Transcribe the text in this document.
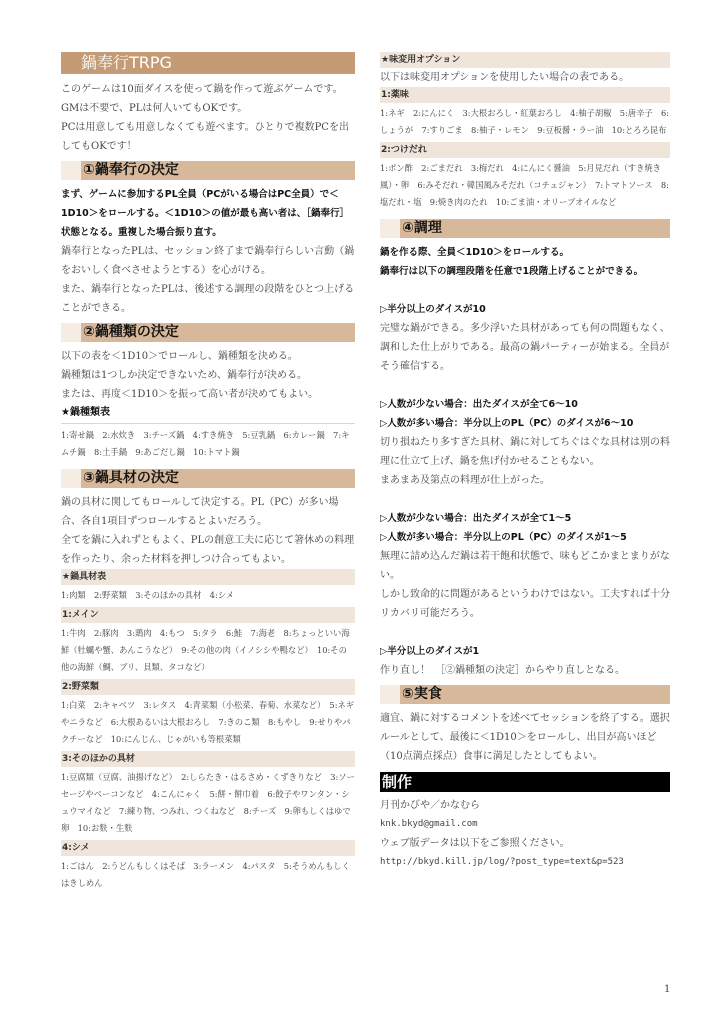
鍋奉行TRPG

このゲームは10面ダイスを使って鍋を作って遊ぶゲームです。GMは不要で、PLは何人いてもOKです。

PCは用意しても用意しなくても遊べます。ひとりで複数PCを出してもOKです！

①鍋奉行の決定

まず、ゲームに参加するPL全員（PCがいる場合はPC全員）で＜1D10＞をロールする。＜1D10＞の値が最も高い者は、［鍋奉行］状態となる。重複した場合振り直す。

鍋奉行となったPLは、セッション終了まで鍋奉行らしい言動（鍋をおいしく食べさせようとする）を心がける。

また、鍋奉行となったPLは、後述する調理の段階をひとつ上げることができる。

②鍋種類の決定

以下の表を＜1D10＞でロールし、鍋種類を決める。

鍋種類は1つしか決定できないため、鍋奉行が決める。

または、再度＜1D10＞を振って高い者が決めてもよい。

★鍋種類表

1:寄せ鍋　2:水炊き　3:チーズ鍋　4:すき焼き　5:豆乳鍋　6:カレー鍋　7:キムチ鍋　8:土手鍋　9:あごだし鍋　10:トマト鍋

③鍋具材の決定

鍋の具材に関してもロールして決定する。PL（PC）が多い場合、各自1項目ずつロールするとよいだろう。

全てを鍋に入れずともよく、PLの創意工夫に応じて箸休めの料理を作ったり、余った材料を押しつけ合ってもよい。

★鍋具材表

1:肉類　2:野菜類　3:そのほかの具材　4:シメ

1:メイン

1:牛肉　2:豚肉　3:鶏肉　4:もつ　5:タラ　6:鮭　7:海老　8:ちょっといい海鮮（牡蠣や蟹、あんこうなど）　9:その他の肉（イノシシや鴨など）　10:その他の海鮮（鯛、ブリ、貝類、タコなど）

2:野菜類

1:白菜　2:キャベツ　3:レタス　4:青菜類（小松菜、春菊、水菜など）　5:ネギやニラなど　6:大根あるいは大根おろし　7:きのこ類　8:もやし　9:せりやパクチーなど　10:にんじん、じゃがいも等根菜類

3:そのほかの具材

1:豆腐類（豆腐、油揚げなど）　2:しらたき・はるさめ・くずきりなど　3:ソーセージやベーコンなど　4:こんにゃく　5:餅・餅巾着　6:餃子やワンタン・シュウマイなど　7:練り物、つみれ、つくねなど　8:チーズ　9:卵もしくはゆで卵　10:お麩・生麩

4:シメ

1:ごはん　2:うどんもしくはそば　3:ラーメン　4:パスタ　5:そうめんもしくはきしめん

★味変用オプション

以下は味変用オプションを使用したい場合の表である。

1:薬味

1:ネギ　2:にんにく　3:大根おろし・紅葉おろし　4:柚子胡椒　5:唐辛子　6:しょうが　7:すりごま　8:柚子・レモン　9:豆板醤・ラー油　10:とろろ昆布

2:つけだれ

1:ポン酢　2:ごまだれ　3:梅だれ　4:にんにく醤油　5:月見だれ（すき焼き風）・卵　6:みそだれ・韓国風みそだれ（コチュジャン）　7:トマトソース　8:塩だれ・塩　9:焼き肉のたれ　10:ごま油・オリーブオイルなど

④調理

鍋を作る際、全員＜1D10＞をロールする。

鍋奉行は以下の調理段階を任意で1段階上げることができる。

▷半分以上のダイスが10

完璧な鍋ができる。多少浮いた具材があっても何の問題もなく、調和した仕上がりである。最高の鍋パーティーが始まる。全員がそう確信する。

▷人数が少ない場合：出たダイスが全て6〜10

▷人数が多い場合：半分以上のPL（PC）のダイスが6〜10

切り損ねたり多すぎた具材、鍋に対してちぐはぐな具材は別の料理に仕立て上げ、鍋を焦げ付かせることもない。

まあまあ及第点の料理が仕上がった。

▷人数が少ない場合：出たダイスが全て1〜5

▷人数が多い場合：半分以上のPL（PC）のダイスが1〜5

無理に詰め込んだ鍋は若干飽和状態で、味もどこかまとまりがない。

しかし致命的に問題があるというわけではない。工夫すれば十分リカバリ可能だろう。

▷半分以上のダイスが1

作り直し！　［②鍋種類の決定］からやり直しとなる。

⑤実食

適宜、鍋に対するコメントを述べてセッションを終了する。選択ルールとして、最後に＜1D10＞をロールし、出目が高いほど（10点満点採点）食事に満足したとしてもよい。

制作

月刊かびや／かなむら

knk.bkyd@gmail.com

ウェブ版データは以下をご参照ください。

http://bkyd.kill.jp/log/?post_type=text&p=523

1
